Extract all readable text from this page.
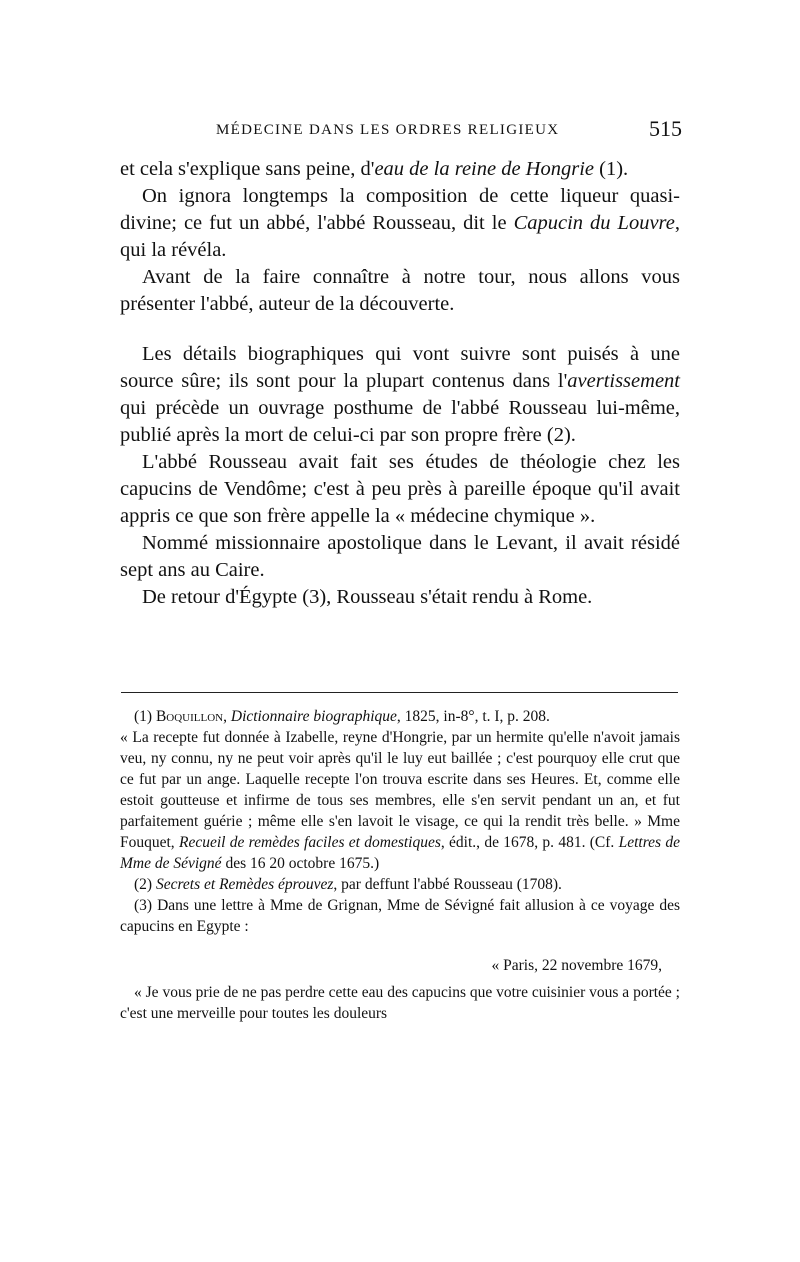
MÉDECINE DANS LES ORDRES RELIGIEUX	515

et cela s'explique sans peine, d'eau de la reine de Hongrie (1).

On ignora longtemps la composition de cette liqueur quasi-divine; ce fut un abbé, l'abbé Rousseau, dit le Capucin du Louvre, qui la révéla.

Avant de la faire connaître à notre tour, nous allons vous présenter l'abbé, auteur de la découverte.

Les détails biographiques qui vont suivre sont puisés à une source sûre; ils sont pour la plupart contenus dans l'avertissement qui précède un ouvrage posthume de l'abbé Rousseau lui-même, publié après la mort de celui-ci par son propre frère (2).

L'abbé Rousseau avait fait ses études de théologie chez les capucins de Vendôme; c'est à peu près à pareille époque qu'il avait appris ce que son frère appelle la « médecine chymique ».

Nommé missionnaire apostolique dans le Levant, il avait résidé sept ans au Caire.

De retour d'Égypte (3), Rousseau s'était rendu à Rome.

(1) Boquillon, Dictionnaire biographique, 1825, in-8°, t. I, p. 208.

« La recepte fut donnée à Izabelle, reyne d'Hongrie, par un hermite qu'elle n'avoit jamais veu, ny connu, ny ne peut voir après qu'il le luy eut baillée ; c'est pourquoy elle crut que ce fut par un ange. Laquelle recepte l'on trouva escrite dans ses Heures. Et, comme elle estoit goutteuse et infirme de tous ses membres, elle s'en servit pendant un an, et fut parfaitement guérie ; même elle s'en lavoit le visage, ce qui la rendit très belle. » Mme Fouquet, Recueil de remèdes faciles et domestiques, édit., de 1678, p. 481. (Cf. Lettres de Mme de Sévigné des 16 20 octobre 1675.)

(2) Secrets et Remèdes éprouvez, par deffunt l'abbé Rousseau (1708).

(3) Dans une lettre à Mme de Grignan, Mme de Sévigné fait allusion à ce voyage des capucins en Egypte :

« Paris, 22 novembre 1679,

« Je vous prie de ne pas perdre cette eau des capucins que votre cuisinier vous a portée ; c'est une merveille pour toutes les douleurs
